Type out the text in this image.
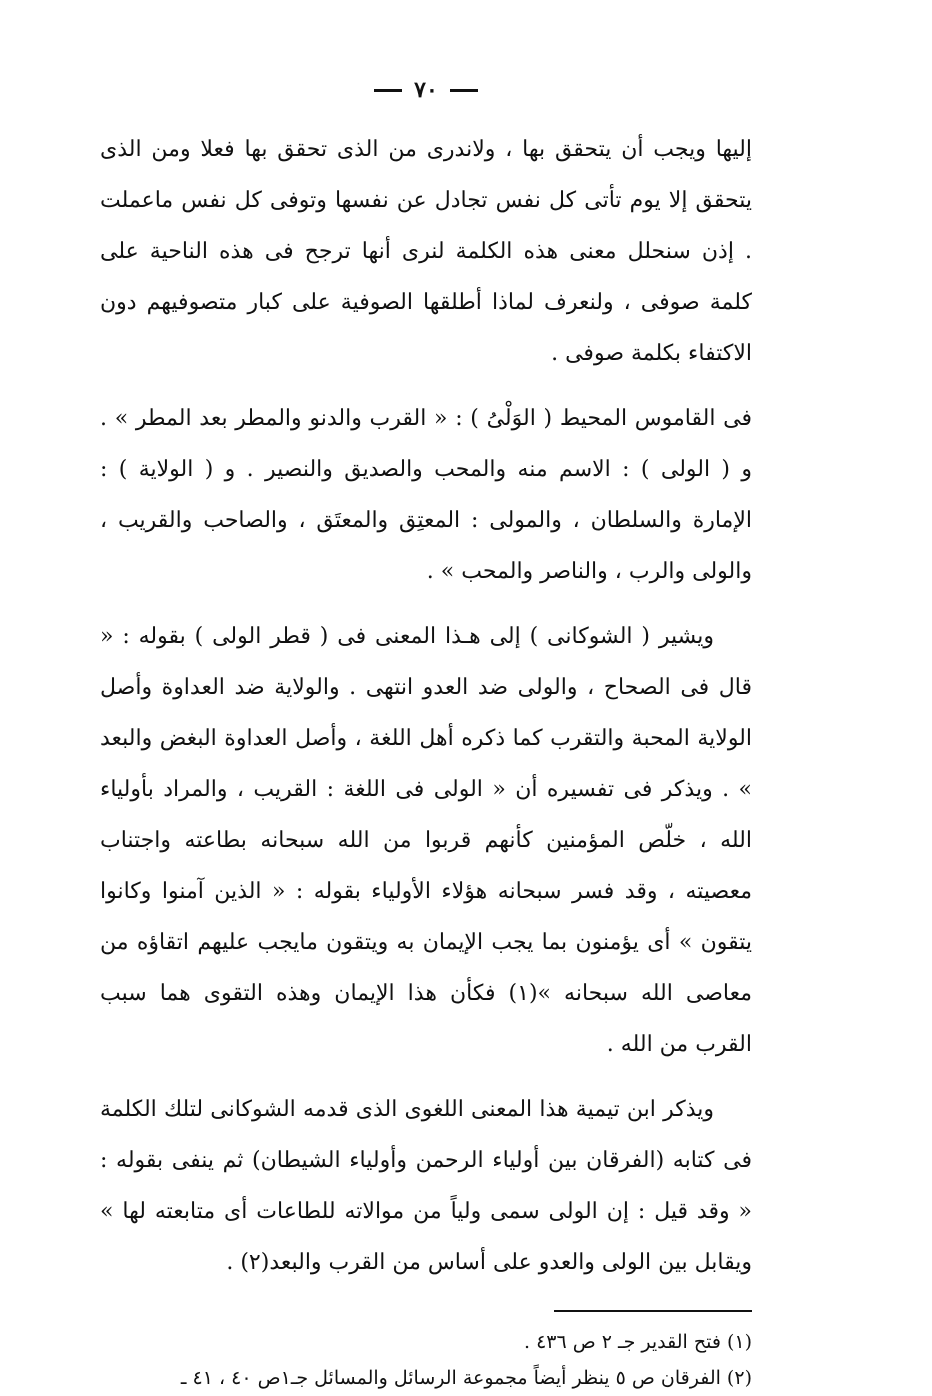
٧٠

إليها ويجب أن يتحقق بها ، ولاندرى من الذى تحقق بها فعلا ومن الذى يتحقق إلا يوم تأتى كل نفس تجادل عن نفسها وتوفى كل نفس ماعملت . إذن سنحلل معنى هذه الكلمة لنرى أنها ترجح فى هذه الناحية على كلمة صوفى ، ولنعرف لماذا أطلقها الصوفية على كبار متصوفيهم دون الاكتفاء بكلمة صوفى .

فى القاموس المحيط ( الوَلْىُ ) : « القرب والدنو والمطر بعد المطر » . و ( الولى ) : الاسم منه والمحب والصديق والنصير . و ( الولاية ) : الإمارة والسلطان ، والمولى : المعتِق والمعتَق ، والصاحب والقريب ، والولى والرب ، والناصر والمحب » .

ويشير ( الشوكانى ) إلى هـذا المعنى فى ( قطر الولى ) بقوله : « قال فى الصحاح ، والولى ضد العدو انتهى . والولاية ضد العداوة وأصل الولاية المحبة والتقرب كما ذكره أهل اللغة ، وأصل العداوة البغض والبعد » . ويذكر فى تفسيره أن « الولى فى اللغة : القريب ، والمراد بأولياء الله ، خلّص المؤمنين كأنهم قربوا من الله سبحانه بطاعته واجتناب معصيته ، وقد فسر سبحانه هؤلاء الأولياء بقوله : « الذين آمنوا وكانوا يتقون » أى يؤمنون بما يجب الإيمان به ويتقون مايجب عليهم اتقاؤه من معاصى الله سبحانه »(١) فكأن هذا الإيمان وهذه التقوى هما سبب القرب من الله .

ويذكر ابن تيمية هذا المعنى اللغوى الذى قدمه الشوكانى لتلك الكلمة فى كتابه (الفرقان بين أولياء الرحمن وأولياء الشيطان) ثم ينفى بقوله : « وقد قيل : إن الولى سمى ولياً من موالاته للطاعات أى متابعته لها » ويقابل بين الولى والعدو على أساس من القرب والبعد(٢) .

(١) فتح القدير جـ ٢ ص ٤٣٦ .

(٢) الفرقان ص ٥ ينظر أيضاً مجموعة الرسائل والمسائل جـ١ص ٤٠ ، ٤١ ـ
